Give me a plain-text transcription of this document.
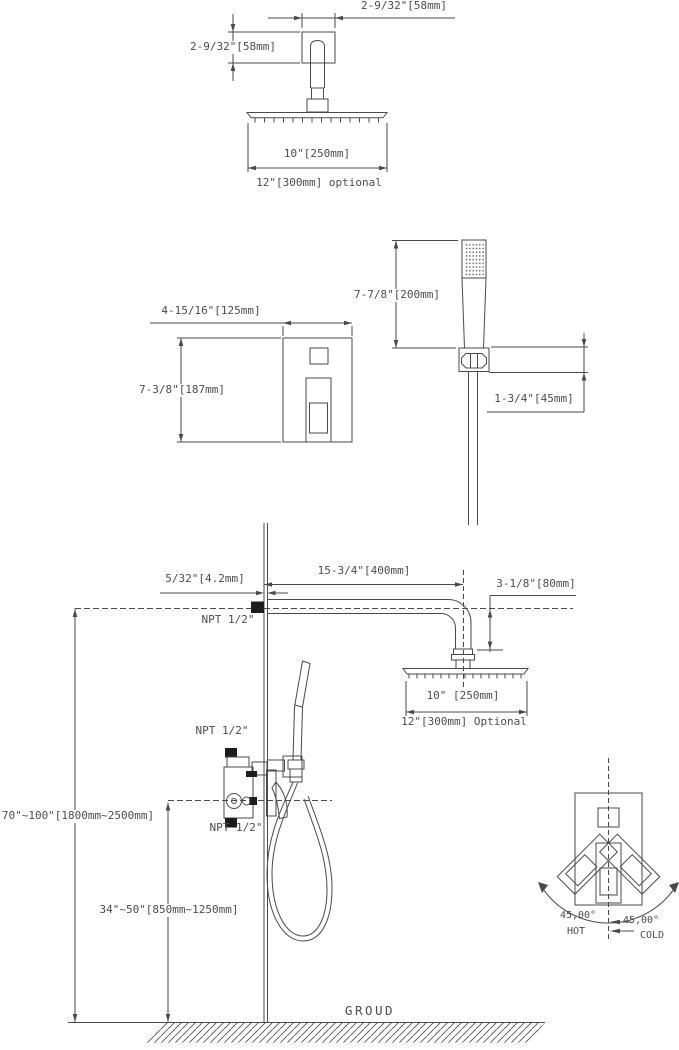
2-9/32"[58mm]
2-9/32"[58mm]
10"[250mm]
12"[300mm] optional
7-7/8"[200mm]
1-3/4"[45mm]
4-15/16"[125mm]
7-3/8"[187mm]
5/32"[4.2mm]
15-3/4"[400mm]
3-1/8"[80mm]
NPT 1/2"
NPT 1/2"
NPT 1/2"
70"~100"[1800mm~2500mm]
34"~50"[850mm~1250mm]
10" [250mm]
12"[300mm] Optional
GROUD
45,00°
HOT
45,00°
COLD
